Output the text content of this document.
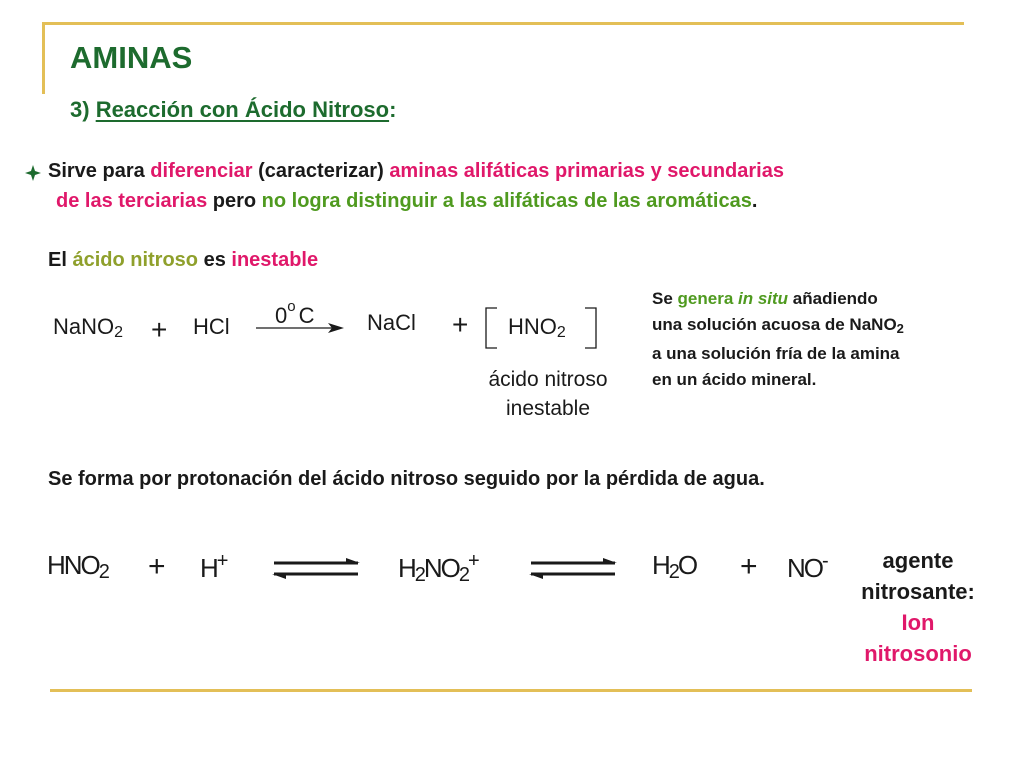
AMINAS
3) Reacción con Ácido Nitroso:
Sirve para diferenciar (caracterizar) aminas alifáticas primarias y secundarias
de las terciarias pero no logra distinguir a las alifáticas de las aromáticas.
El ácido nitroso es inestable
NaNO$_2$ + HCl 0$^o$ C NaCl + $HNO_2$
ácido nitroso
inestable
Se genera in situ añadiendo
una solución acuosa de NaNO$_2$
a una solución fría de la amina
en un ácido mineral.
Se forma por protonación del ácido nitroso seguido por la pérdida de agua.
$HNO_2 + H^+$	$H_2NO_2^+$	$H_2O + NO^-$	agente
nitrosante:
Ion
nitrosonio
